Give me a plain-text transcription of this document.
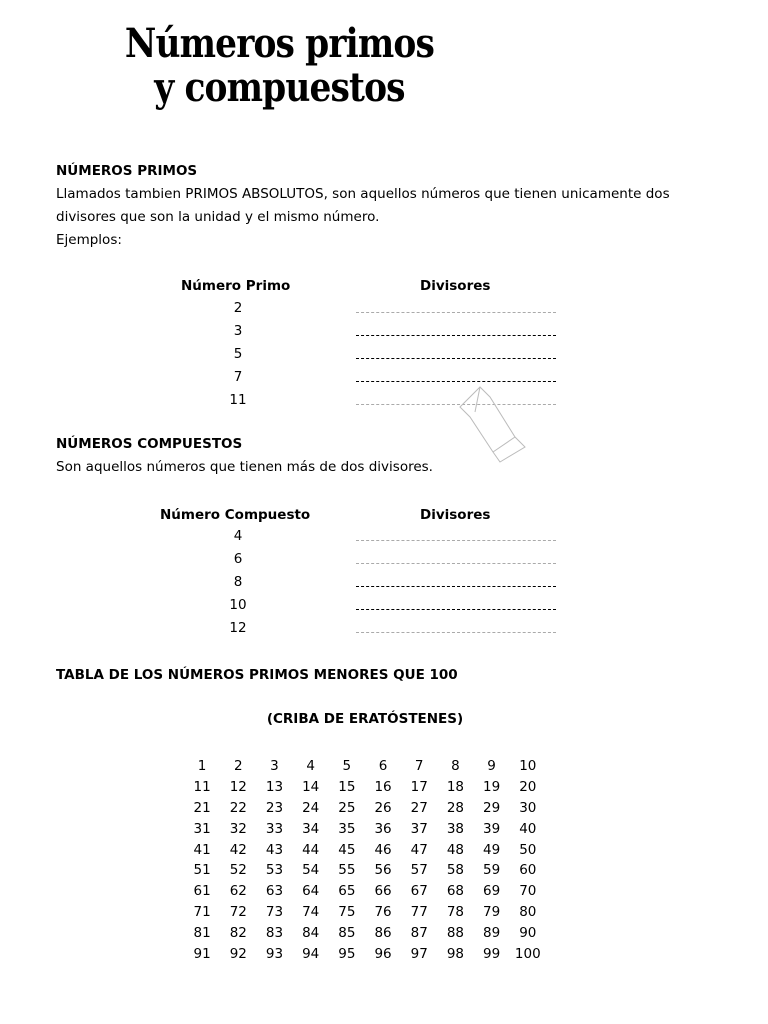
Números primos
y compuestos
NÚMEROS PRIMOS
Llamados tambien PRIMOS ABSOLUTOS, son aquellos números que tienen unicamente dos divisores que son la unidad y el mismo número.
Ejemplos:
Número Primo	Divisores
2
3
5
7
11
NÚMEROS COMPUESTOS
Son aquellos números que tienen más de dos divisores.
Número Compuesto	Divisores
4
6
8
10
12
TABLA DE LOS NÚMEROS PRIMOS MENORES QUE 100
(CRIBA DE ERATÓSTENES)
1	2	3	4	5	6	7	8	9	10
11	12	13	14	15	16	17	18	19	20
21	22	23	24	25	26	27	28	29	30
31	32	33	34	35	36	37	38	39	40
41	42	43	44	45	46	47	48	49	50
51	52	53	54	55	56	57	58	59	60
61	62	63	64	65	66	67	68	69	70
71	72	73	74	75	76	77	78	79	80
81	82	83	84	85	86	87	88	89	90
91	92	93	94	95	96	97	98	99	100
